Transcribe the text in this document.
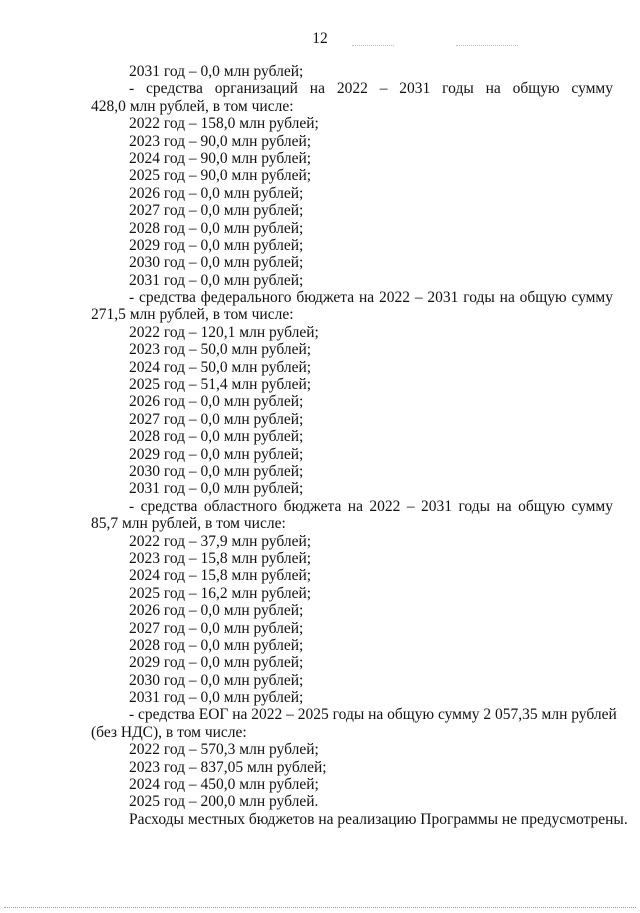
12
2031 год – 0,0 млн рублей;
- средства организаций на 2022 – 2031 годы на общую сумму
428,0 млн рублей, в том числе:
2022 год – 158,0 млн рублей;
2023 год – 90,0 млн рублей;
2024 год – 90,0 млн рублей;
2025 год – 90,0 млн рублей;
2026 год – 0,0 млн рублей;
2027 год – 0,0 млн рублей;
2028 год – 0,0 млн рублей;
2029 год – 0,0 млн рублей;
2030 год – 0,0 млн рублей;
2031 год – 0,0 млн рублей;
- средства федерального бюджета на 2022 – 2031 годы на общую сумму
271,5 млн рублей, в том числе:
2022 год – 120,1 млн рублей;
2023 год – 50,0 млн рублей;
2024 год – 50,0 млн рублей;
2025 год – 51,4 млн рублей;
2026 год – 0,0 млн рублей;
2027 год – 0,0 млн рублей;
2028 год – 0,0 млн рублей;
2029 год – 0,0 млн рублей;
2030 год – 0,0 млн рублей;
2031 год – 0,0 млн рублей;
- средства областного бюджета на 2022 – 2031 годы на общую сумму
85,7 млн рублей, в том числе:
2022 год – 37,9 млн рублей;
2023 год – 15,8 млн рублей;
2024 год – 15,8 млн рублей;
2025 год – 16,2 млн рублей;
2026 год – 0,0 млн рублей;
2027 год – 0,0 млн рублей;
2028 год – 0,0 млн рублей;
2029 год – 0,0 млн рублей;
2030 год – 0,0 млн рублей;
2031 год – 0,0 млн рублей;
- средства ЕОГ на 2022 – 2025 годы на общую сумму 2 057,35 млн рублей
(без НДС), в том числе:
2022 год – 570,3 млн рублей;
2023 год – 837,05 млн рублей;
2024 год – 450,0 млн рублей;
2025 год – 200,0 млн рублей.
Расходы местных бюджетов на реализацию Программы не предусмотрены.
